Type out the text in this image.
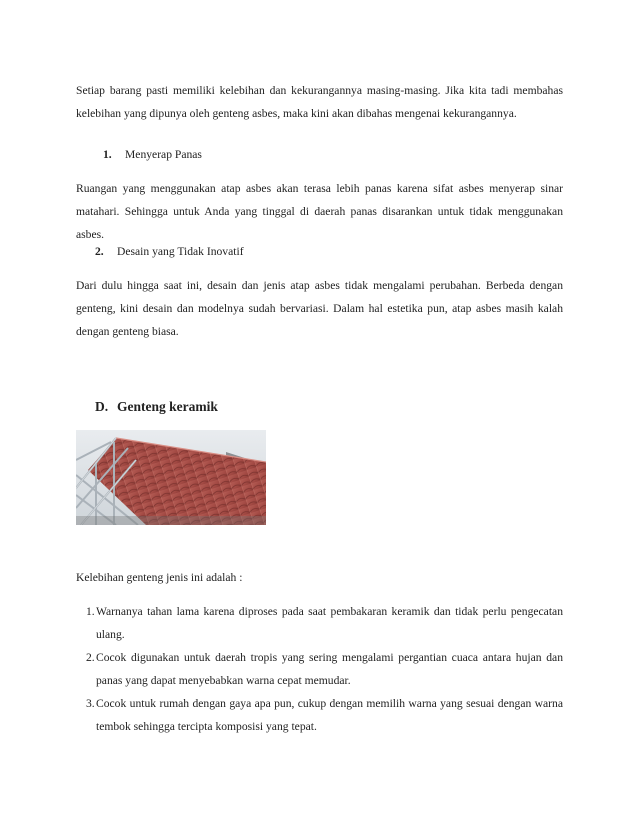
Setiap barang pasti memiliki kelebihan dan kekurangannya masing-masing. Jika kita tadi membahas kelebihan yang dipunya oleh genteng asbes, maka kini akan dibahas mengenai kekurangannya.

1. Menyerap Panas

Ruangan yang menggunakan atap asbes akan terasa lebih panas karena sifat asbes menyerap sinar matahari. Sehingga untuk Anda yang tinggal di daerah panas disarankan untuk tidak menggunakan asbes.

2. Desain yang Tidak Inovatif

Dari dulu hingga saat ini, desain dan jenis atap asbes tidak mengalami perubahan. Berbeda dengan genteng, kini desain dan modelnya sudah bervariasi. Dalam hal estetika pun, atap asbes masih kalah dengan genteng biasa.

D. Genteng keramik

Kelebihan genteng jenis ini adalah :

1. Warnanya tahan lama karena diproses pada saat pembakaran keramik dan tidak perlu pengecatan ulang.
2. Cocok digunakan untuk daerah tropis yang sering mengalami pergantian cuaca antara hujan dan panas yang dapat menyebabkan warna cepat memudar.
3. Cocok untuk rumah dengan gaya apa pun, cukup dengan memilih warna yang sesuai dengan warna tembok sehingga tercipta komposisi yang tepat.
